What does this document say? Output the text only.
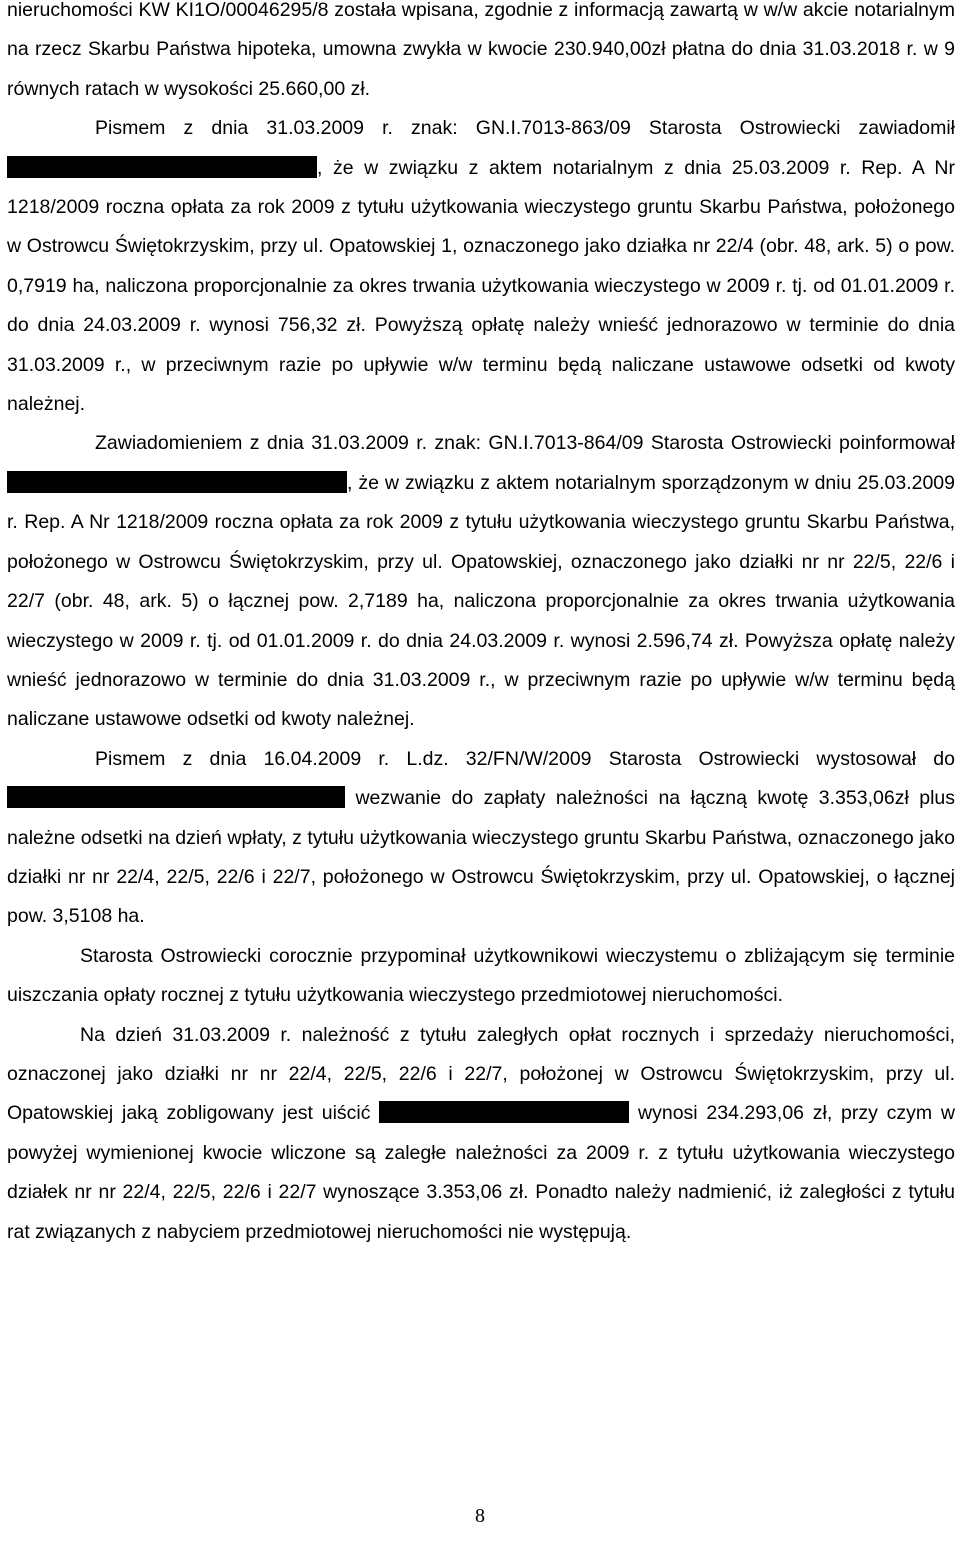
nieruchomości KW KI1O/00046295/8 została wpisana, zgodnie z informacją zawartą w w/w akcie notarialnym na rzecz Skarbu Państwa hipoteka, umowna zwykła w kwocie 230.940,00zł płatna do dnia 31.03.2018 r. w 9 równych ratach w wysokości 25.660,00 zł.

Pismem z dnia 31.03.2009 r. znak: GN.I.7013-863/09 Starosta Ostrowiecki zawiadomił , że w związku z aktem notarialnym z dnia 25.03.2009 r. Rep. A Nr 1218/2009 roczna opłata za rok 2009 z tytułu użytkowania wieczystego gruntu Skarbu Państwa, położonego w Ostrowcu Świętokrzyskim, przy ul. Opatowskiej 1, oznaczonego jako działka nr 22/4 (obr. 48, ark. 5) o pow. 0,7919 ha, naliczona proporcjonalnie za okres trwania użytkowania wieczystego w 2009 r. tj. od 01.01.2009 r. do dnia 24.03.2009 r. wynosi 756,32 zł. Powyższą opłatę należy wnieść jednorazowo w terminie do dnia 31.03.2009 r., w przeciwnym razie po upływie w/w terminu będą naliczane ustawowe odsetki od kwoty należnej.

Zawiadomieniem z dnia 31.03.2009 r. znak: GN.I.7013-864/09 Starosta Ostrowiecki poinformował , że w związku z aktem notarialnym sporządzonym w dniu 25.03.2009 r. Rep. A Nr 1218/2009 roczna opłata za rok 2009 z tytułu użytkowania wieczystego gruntu Skarbu Państwa, położonego w Ostrowcu Świętokrzyskim, przy ul. Opatowskiej, oznaczonego jako działki nr nr 22/5, 22/6 i 22/7 (obr. 48, ark. 5) o łącznej pow. 2,7189 ha, naliczona proporcjonalnie za okres trwania użytkowania wieczystego w 2009 r. tj. od 01.01.2009 r. do dnia 24.03.2009 r. wynosi 2.596,74 zł. Powyższa opłatę należy wnieść jednorazowo w terminie do dnia 31.03.2009 r., w przeciwnym razie po upływie w/w terminu będą naliczane ustawowe odsetki od kwoty należnej.

Pismem z dnia 16.04.2009 r. L.dz. 32/FN/W/2009 Starosta Ostrowiecki wystosował do  wezwanie do zapłaty należności na łączną kwotę 3.353,06zł plus należne odsetki na dzień wpłaty, z tytułu użytkowania wieczystego gruntu Skarbu Państwa, oznaczonego jako działki nr nr 22/4, 22/5, 22/6 i 22/7, położonego w Ostrowcu Świętokrzyskim, przy ul. Opatowskiej, o łącznej pow. 3,5108 ha.

Starosta Ostrowiecki corocznie przypominał użytkownikowi wieczystemu o zbliżającym się terminie uiszczania opłaty rocznej z tytułu użytkowania wieczystego przedmiotowej nieruchomości.

Na dzień 31.03.2009 r. należność z tytułu zaległych opłat rocznych i sprzedaży nieruchomości, oznaczonej jako działki nr nr 22/4, 22/5, 22/6 i 22/7, położonej w Ostrowcu Świętokrzyskim, przy ul. Opatowskiej jaką zobligowany jest uiścić	wynosi 234.293,06 zł, przy czym w powyżej wymienionej kwocie wliczone są zaległe należności za 2009 r. z tytułu użytkowania wieczystego działek nr nr 22/4, 22/5, 22/6 i 22/7 wynoszące 3.353,06 zł. Ponadto należy nadmienić, iż zaległości z tytułu rat związanych z nabyciem przedmiotowej nieruchomości nie występują.

8
